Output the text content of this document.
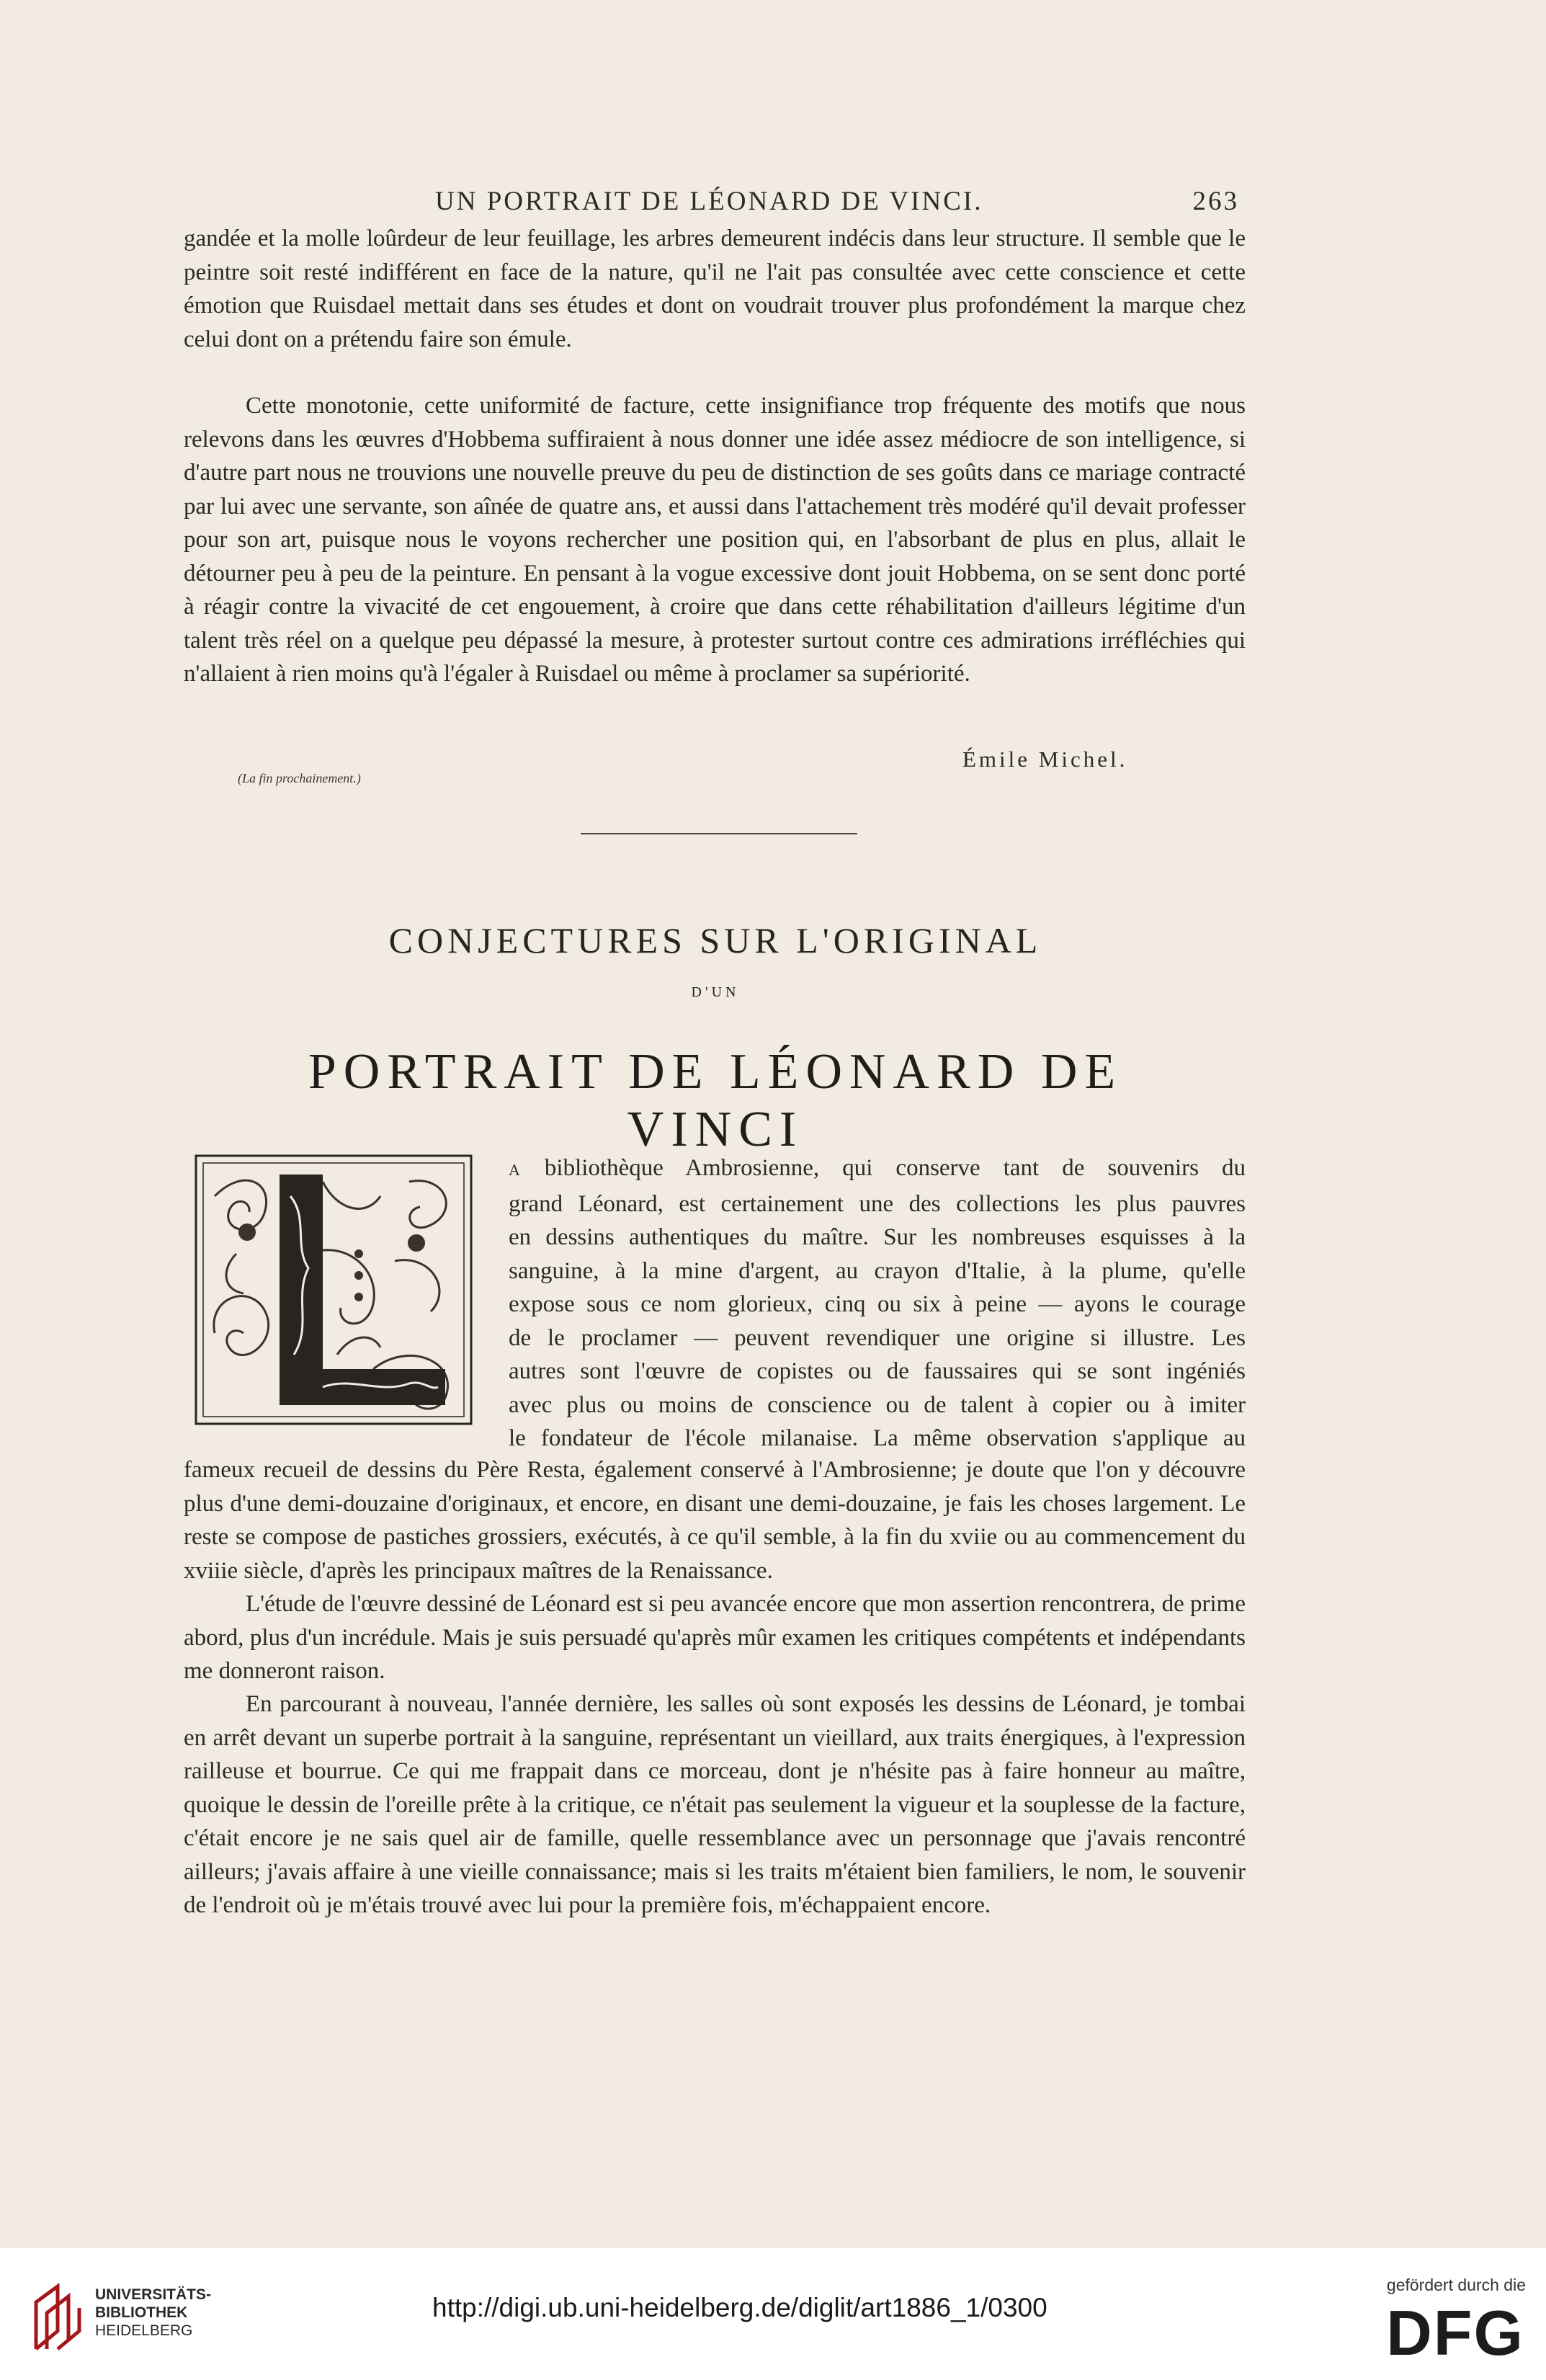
UN PORTRAIT DE LÉONARD DE VINCI.	263
gandée et la molle loûrdeur de leur feuillage, les arbres demeurent indécis dans leur structure. Il semble que le peintre soit resté indifférent en face de la nature, qu'il ne l'ait pas consultée avec cette conscience et cette émotion que Ruisdael mettait dans ses études et dont on voudrait trouver plus profondément la marque chez celui dont on a prétendu faire son émule.
Cette monotonie, cette uniformité de facture, cette insignifiance trop fréquente des motifs que nous relevons dans les œuvres d'Hobbema suffiraient à nous donner une idée assez médiocre de son intelligence, si d'autre part nous ne trouvions une nouvelle preuve du peu de distinction de ses goûts dans ce mariage contracté par lui avec une servante, son aînée de quatre ans, et aussi dans l'attachement très modéré qu'il devait professer pour son art, puisque nous le voyons rechercher une position qui, en l'absorbant de plus en plus, allait le détourner peu à peu de la peinture. En pensant à la vogue excessive dont jouit Hobbema, on se sent donc porté à réagir contre la vivacité de cet engouement, à croire que dans cette réhabilitation d'ailleurs légitime d'un talent très réel on a quelque peu dépassé la mesure, à protester surtout contre ces admirations irréfléchies qui n'allaient à rien moins qu'à l'égaler à Ruisdael ou même à proclamer sa supériorité.
Émile Michel.
(La fin prochainement.)
CONJECTURES SUR L'ORIGINAL
D'UN
PORTRAIT DE LÉONARD DE VINCI
A bibliothèque Ambrosienne, qui conserve tant de souvenirs du
grand Léonard, est certainement une des collections les plus pauvres
en dessins authentiques du maître. Sur les nombreuses esquisses à la
sanguine, à la mine d'argent, au crayon d'Italie, à la plume, qu'elle
expose sous ce nom glorieux, cinq ou six à peine — ayons le courage
de le proclamer — peuvent revendiquer une origine si illustre. Les
autres sont l'œuvre de copistes ou de faussaires qui se sont ingéniés
avec plus ou moins de conscience ou de talent à copier ou à imiter
le fondateur de l'école milanaise. La même observation s'applique au
fameux recueil de dessins du Père Resta, également conservé à l'Ambrosienne; je doute que l'on y découvre plus d'une demi-douzaine d'originaux, et encore, en disant une demi-douzaine, je fais les choses largement. Le reste se compose de pastiches grossiers, exécutés, à ce qu'il semble, à la fin du xviie ou au commencement du xviiie siècle, d'après les principaux maîtres de la Renaissance.
L'étude de l'œuvre dessiné de Léonard est si peu avancée encore que mon assertion rencontrera, de prime abord, plus d'un incrédule. Mais je suis persuadé qu'après mûr examen les critiques compétents et indépendants me donneront raison.
En parcourant à nouveau, l'année dernière, les salles où sont exposés les dessins de Léonard, je tombai en arrêt devant un superbe portrait à la sanguine, représentant un vieillard, aux traits énergiques, à l'expression railleuse et bourrue. Ce qui me frappait dans ce morceau, dont je n'hésite pas à faire honneur au maître, quoique le dessin de l'oreille prête à la critique, ce n'était pas seulement la vigueur et la souplesse de la facture, c'était encore je ne sais quel air de famille, quelle ressemblance avec un personnage que j'avais rencontré ailleurs; j'avais affaire à une vieille connaissance; mais si les traits m'étaient bien familiers, le nom, le souvenir de l'endroit où je m'étais trouvé avec lui pour la première fois, m'échappaient encore.
UNIVERSITÄTS-
BIBLIOTHEK
HEIDELBERG
http://digi.ub.uni-heidelberg.de/diglit/art1886_1/0300
gefördert durch die
DFG
